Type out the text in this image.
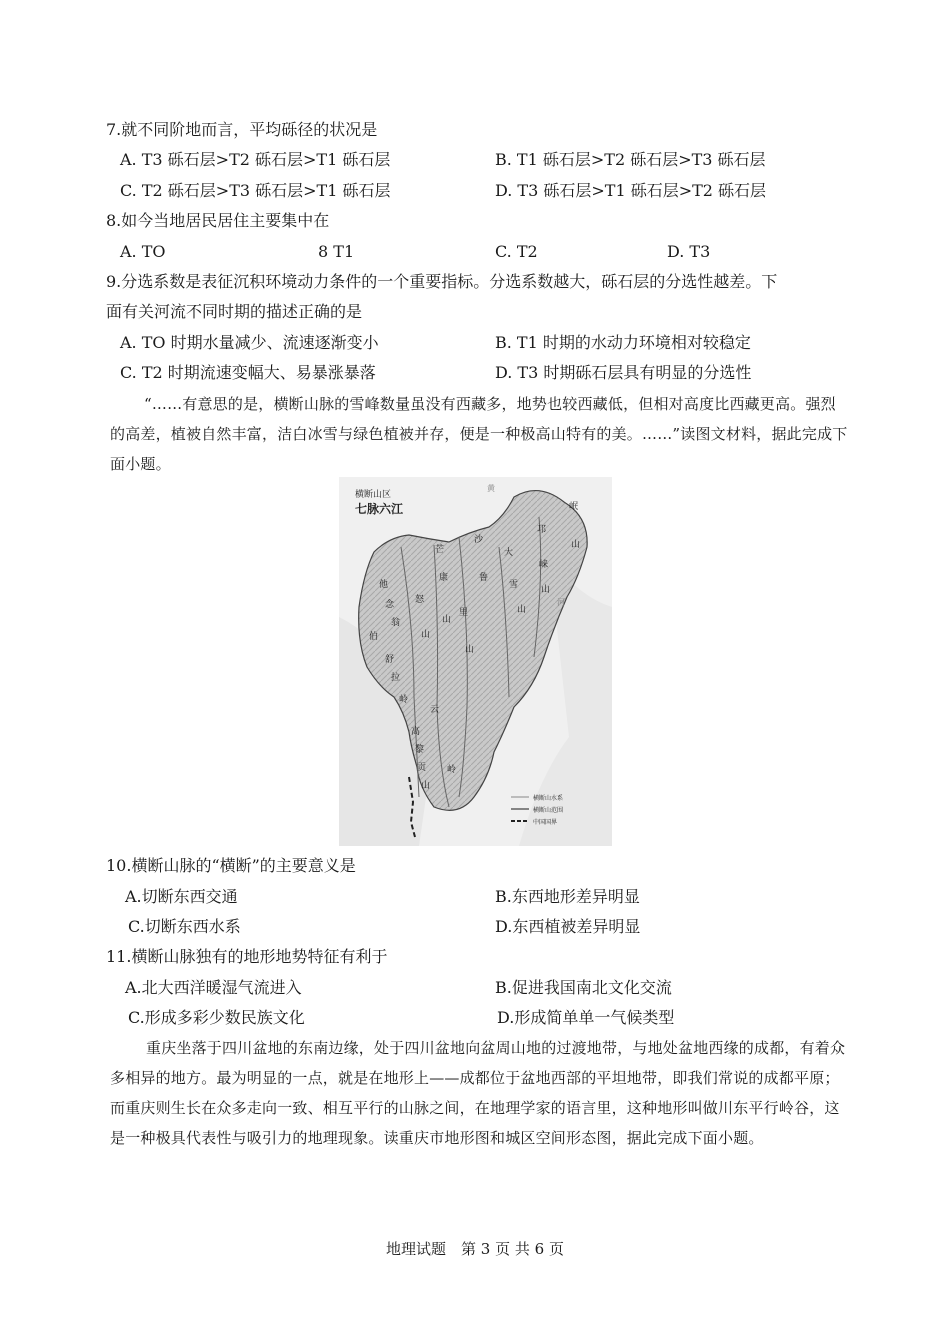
7.就不同阶地而言，平均砾径的状况是
A. T3 砾石层>T2 砾石层>T1 砾石层	B. T1 砾石层>T2 砾石层>T3 砾石层
C. T2 砾石层>T3 砾石层>T1 砾石层	D. T3 砾石层>T1 砾石层>T2 砾石层
8.如今当地居民居住主要集中在
A. TO	8 T1	C. T2	D. T3
9.分选系数是表征沉积环境动力条件的一个重要指标。分选系数越大，砾石层的分选性越差。下
面有关河流不同时期的描述正确的是
A. TO 时期水量减少、流速逐渐变小	B. T1 时期的水动力环境相对较稳定
C. T2 时期流速变幅大、易暴涨暴落	D. T3 时期砾石层具有明显的分选性
“……有意思的是，横断山脉的雪峰数量虽没有西藏多，地势也较西藏低，但相对高度比西藏更高。强烈的高差，植被自然丰富，洁白冰雪与绿色植被并存，便是一种极高山特有的美。……”读图文材料，据此完成下面小题。
横断山区
七脉六江	岷
山
邛
崃
山
大
雪
山
沙
鲁
里
山
芒
康
山
怒
山
云
岭
伯
舒
拉
岭
他
念
翁
高
黎
贡
山
黄
河
横断山水系
横断山范围
中国国界
10.横断山脉的“横断”的主要意义是
A.切断东西交通	B.东西地形差异明显
C.切断东西水系	D.东西植被差异明显
11.横断山脉独有的地形地势特征有利于
A.北大西洋暖湿气流进入	B.促进我国南北文化交流
C.形成多彩少数民族文化	D.形成简单单一气候类型
重庆坐落于四川盆地的东南边缘，处于四川盆地向盆周山地的过渡地带，与地处盆地西缘的成都，有着众多相异的地方。最为明显的一点，就是在地形上——成都位于盆地西部的平坦地带，即我们常说的成都平原；而重庆则生长在众多走向一致、相互平行的山脉之间，在地理学家的语言里，这种地形叫做川东平行岭谷，这是一种极具代表性与吸引力的地理现象。读重庆市地形图和城区空间形态图，据此完成下面小题。
地理试题　第 3 页 共 6 页
